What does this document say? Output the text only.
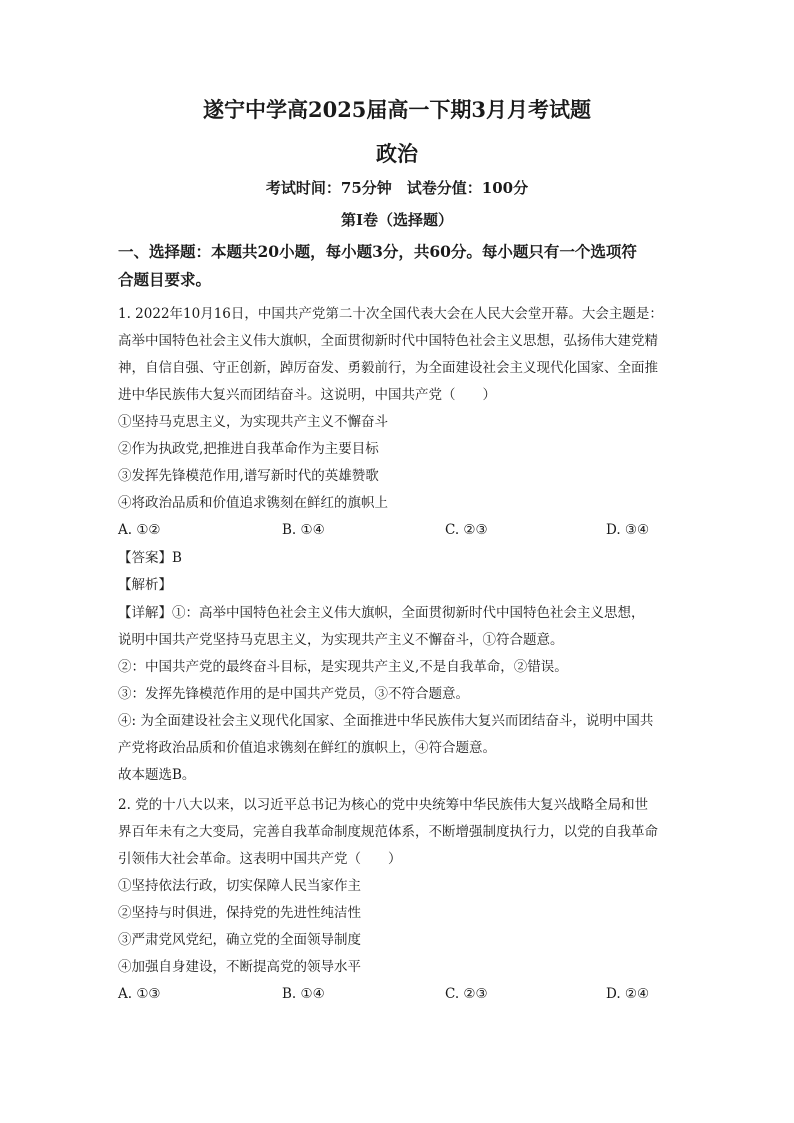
遂宁中学高2025届高一下期3月月考试题
政治
考试时间：75分钟　试卷分值：100分
第Ⅰ卷（选择题）
一、选择题：本题共20小题，每小题3分，共60分。每小题只有一个选项符
合题目要求。
1. 2022年10月16日，中国共产党第二十次全国代表大会在人民大会堂开幕。大会主题是：
高举中国特色社会主义伟大旗帜，全面贯彻新时代中国特色社会主义思想，弘扬伟大建党精
神，自信自强、守正创新，踔厉奋发、勇毅前行，为全面建设社会主义现代化国家、全面推
进中华民族伟大复兴而团结奋斗。这说明，中国共产党（　　）
①坚持马克思主义，为实现共产主义不懈奋斗
②作为执政党,把推进自我革命作为主要目标
③发挥先锋模范作用,谱写新时代的英雄赞歌
④将政治品质和价值追求镌刻在鲜红的旗帜上
A. ①②	B. ①④	C. ②③	D. ③④
【答案】B
【解析】
【详解】①：高举中国特色社会主义伟大旗帜，全面贯彻新时代中国特色社会主义思想，
说明中国共产党坚持马克思主义，为实现共产主义不懈奋斗，①符合题意。
②：中国共产党的最终奋斗目标，是实现共产主义,不是自我革命，②错误。
③：发挥先锋模范作用的是中国共产党员，③不符合题意。
④: 为全面建设社会主义现代化国家、全面推进中华民族伟大复兴而团结奋斗，说明中国共
产党将政治品质和价值追求镌刻在鲜红的旗帜上，④符合题意。
故本题选B。
2. 党的十八大以来，以习近平总书记为核心的党中央统筹中华民族伟大复兴战略全局和世
界百年未有之大变局，完善自我革命制度规范体系，不断增强制度执行力，以党的自我革命
引领伟大社会革命。这表明中国共产党（　　）
①坚持依法行政，切实保障人民当家作主
②坚持与时俱进，保持党的先进性纯洁性
③严肃党风党纪，确立党的全面领导制度
④加强自身建设，不断提高党的领导水平
A. ①③	B. ①④	C. ②③	D. ②④
